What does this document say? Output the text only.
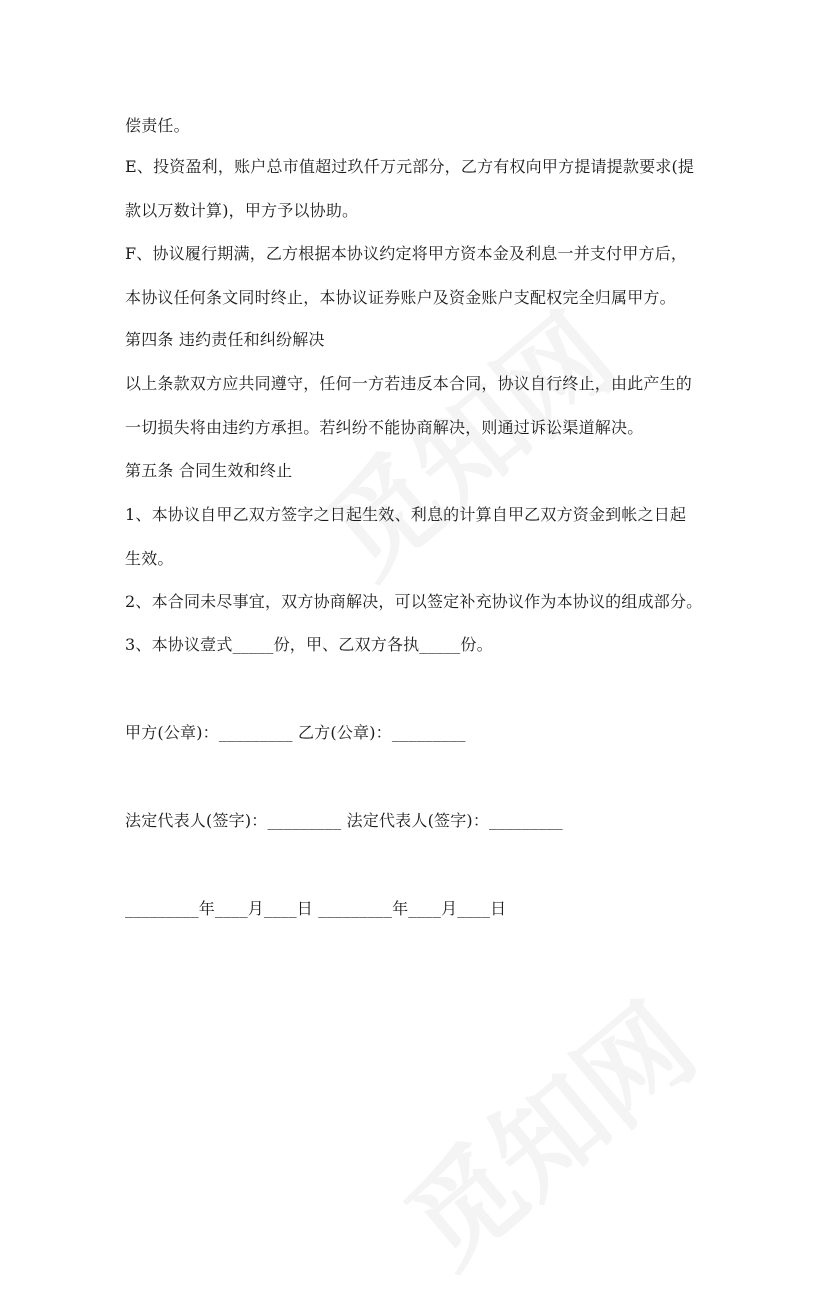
偿责任。
E、投资盈利，账户总市值超过玖仟万元部分，乙方有权向甲方提请提款要求(提
款以万数计算)，甲方予以协助。
F、协议履行期满，乙方根据本协议约定将甲方资本金及利息一并支付甲方后，
本协议任何条文同时终止，本协议证券账户及资金账户支配权完全归属甲方。
第四条 违约责任和纠纷解决
以上条款双方应共同遵守，任何一方若违反本合同，协议自行终止，由此产生的
一切损失将由违约方承担。若纠纷不能协商解决，则通过诉讼渠道解决。
第五条 合同生效和终止
1、本协议自甲乙双方签字之日起生效、利息的计算自甲乙双方资金到帐之日起
生效。
2、本合同未尽事宜，双方协商解决，可以签定补充协议作为本协议的组成部分。
3、本协议壹式_____份，甲、乙双方各执_____份。
甲方(公章)：_________ 乙方(公章)：_________
法定代表人(签字)：_________ 法定代表人(签字)：_________
_________年____月____日 _________年____月____日
